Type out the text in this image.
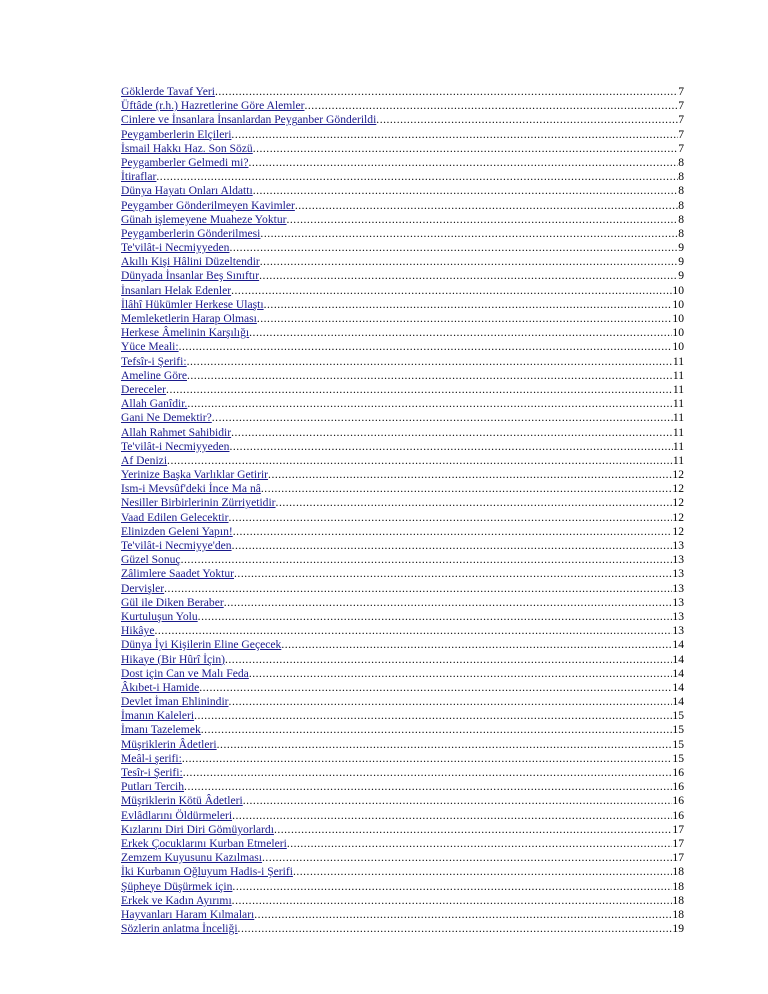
Göklerde Tavaf Yeri .....	7
Üftâde (r.h.) Hazretlerine Göre Alemler .....	7
Cinlere ve İnsanlara İnsanlardan Peyganber Gönderildi .....	7
Peygamberlerin Elçileri .....	7
İsmail Hakkı Haz. Son Sözü .....	7
Peygamberler Gelmedi mi? .....	8
İtiraflar .....	8
Dünya Hayatı Onları Aldattı .....	8
Peygamber Gönderilmeyen Kavimler .....	8
Günah işlemeyene Muaheze Yoktur .....	8
Peygamberlerin Gönderilmesi .....	8
Te'vilât-i Necmiyyeden .....	9
Akıllı Kişi Hâlini Düzeltendir .....	9
Dünyada İnsanlar Beş Sınıftır .....	9
İnsanları Helak Edenler .....	10
İlâhî Hükümler Herkese Ulaştı .....	10
Memleketlerin Harap Olması .....	10
Herkese Âmelinin Karşılığı .....	10
Yüce Meali: .....	10
Tefsîr-i Şerifi: .....	11
Ameline Göre .....	11
Dereceler .....	11
Allah Ganîdir. .....	11
Gani Ne Demektir? .....	11
Allah Rahmet Sahibidir .....	11
Te'vilât-i Necmiyyeden .....	11
Af Denizi .....	11
Yerinize Başka Varlıklar Getirir .....	12
Ism-i Mevsûf'deki İnce Ma nâ .....	12
Nesiller Birbirlerinin Zürriyetidir .....	12
Vaad Edilen Gelecektir .....	12
Elinizden Geleni Yapın! .....	12
Te'vilât-i Necmiyye'den .....	13
Güzel Sonuç .....	13
Zâlimlere Saadet Yoktur .....	13
Dervişler .....	13
Gül ile Diken Beraber .....	13
Kurtuluşun Yolu .....	13
Hikâye .....	13
Dünya İyi Kişilerin Eline Geçecek .....	14
Hikaye (Bir Hûrî İçin) .....	14
Dost için Can ve Malı Feda .....	14
Âkıbet-i Hamide .....	14
Devlet İman Ehlinindir .....	14
İmanın Kaleleri .....	15
İmanı Tazelemek .....	15
Müşriklerin Âdetleri .....	15
Meâl-i şerifi: .....	15
Tesîr-i Şerifi: .....	16
Putları Tercih .....	16
Müşriklerin Kötü Âdetleri .....	16
Evlâdlarını Öldürmeleri .....	16
Kızlarını Diri Diri Gömüyorlardı .....	17
Erkek Çocuklarını Kurban Etmeleri .....	17
Zemzem Kuyusunu Kazılması .....	17
İki Kurbanın Oğluyum Hadis-i Şerifi .....	18
Şüpheye Düşürmek için .....	18
Erkek ve Kadın Ayırımı .....	18
Hayvanları Haram Kılmaları .....	18
Sözlerin anlatma İnceliği .....	19
